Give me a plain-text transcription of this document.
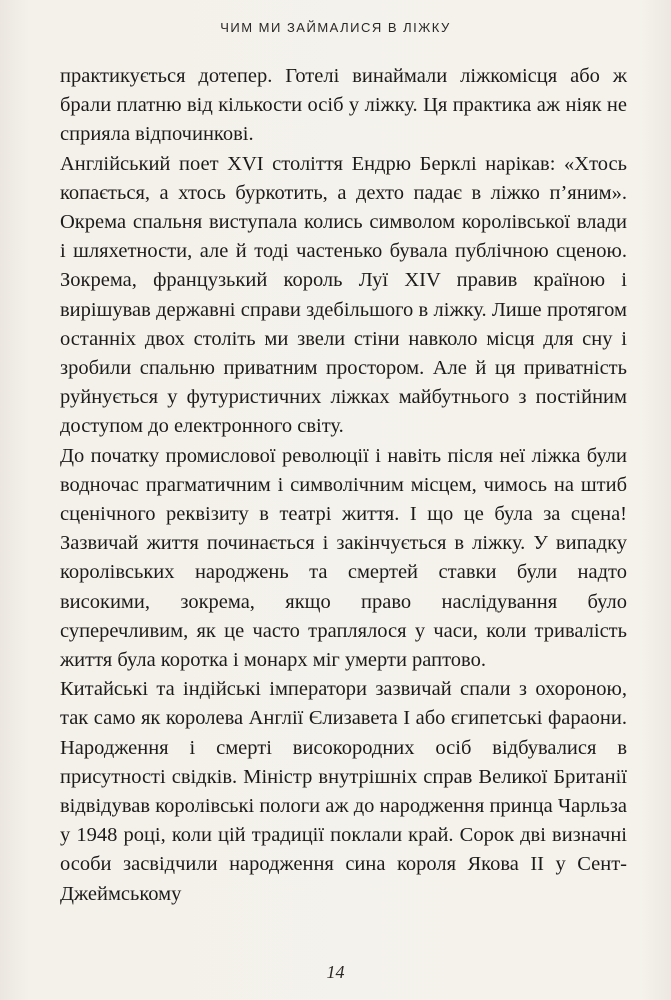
ЧИМ МИ ЗАЙМАЛИСЯ В ЛІЖКУ

практикується дотепер. Готелі винаймали ліжкомісця або ж брали платню від кількости осіб у ліжку. Ця практика аж ніяк не сприяла відпочинкові.

Англійський поет XVI століття Ендрю Берклі нарікав: «Хтось копається, а хтось буркотить, а дехто падає в ліжко п’яним». Окрема спальня виступала колись символом королівської влади і шляхетности, але й тоді частенько бувала публічною сценою. Зокрема, французький король Луї XIV правив країною і вирішував державні справи здебільшого в ліжку. Лише протягом останніх двох століть ми звели стіни навколо місця для сну і зробили спальню приватним простором. Але й ця приватність руйнується у футуристичних ліжках майбутнього з постійним доступом до електронного світу.

До початку промислової революції і навіть після неї ліжка були водночас прагматичним і символічним місцем, чимось на штиб сценічного реквізиту в театрі життя. І що це була за сцена! Зазвичай життя починається і закінчується в ліжку. У випадку королівських народжень та смертей ставки були надто високими, зокрема, якщо право наслідування було суперечливим, як це часто траплялося у часи, коли тривалість життя була коротка і монарх міг умерти раптово.

Китайські та індійські імператори зазвичай спали з охороною, так само як королева Англії Єлизавета I або єгипетські фараони. Народження і смерті високородних осіб відбувалися в присутності свідків. Міністр внутрішніх справ Великої Британії відвідував королівські пологи аж до народження принца Чарльза у 1948 році, коли цій традиції поклали край. Сорок дві визначні особи засвідчили народження сина короля Якова II у Сент-Джеймському

14
